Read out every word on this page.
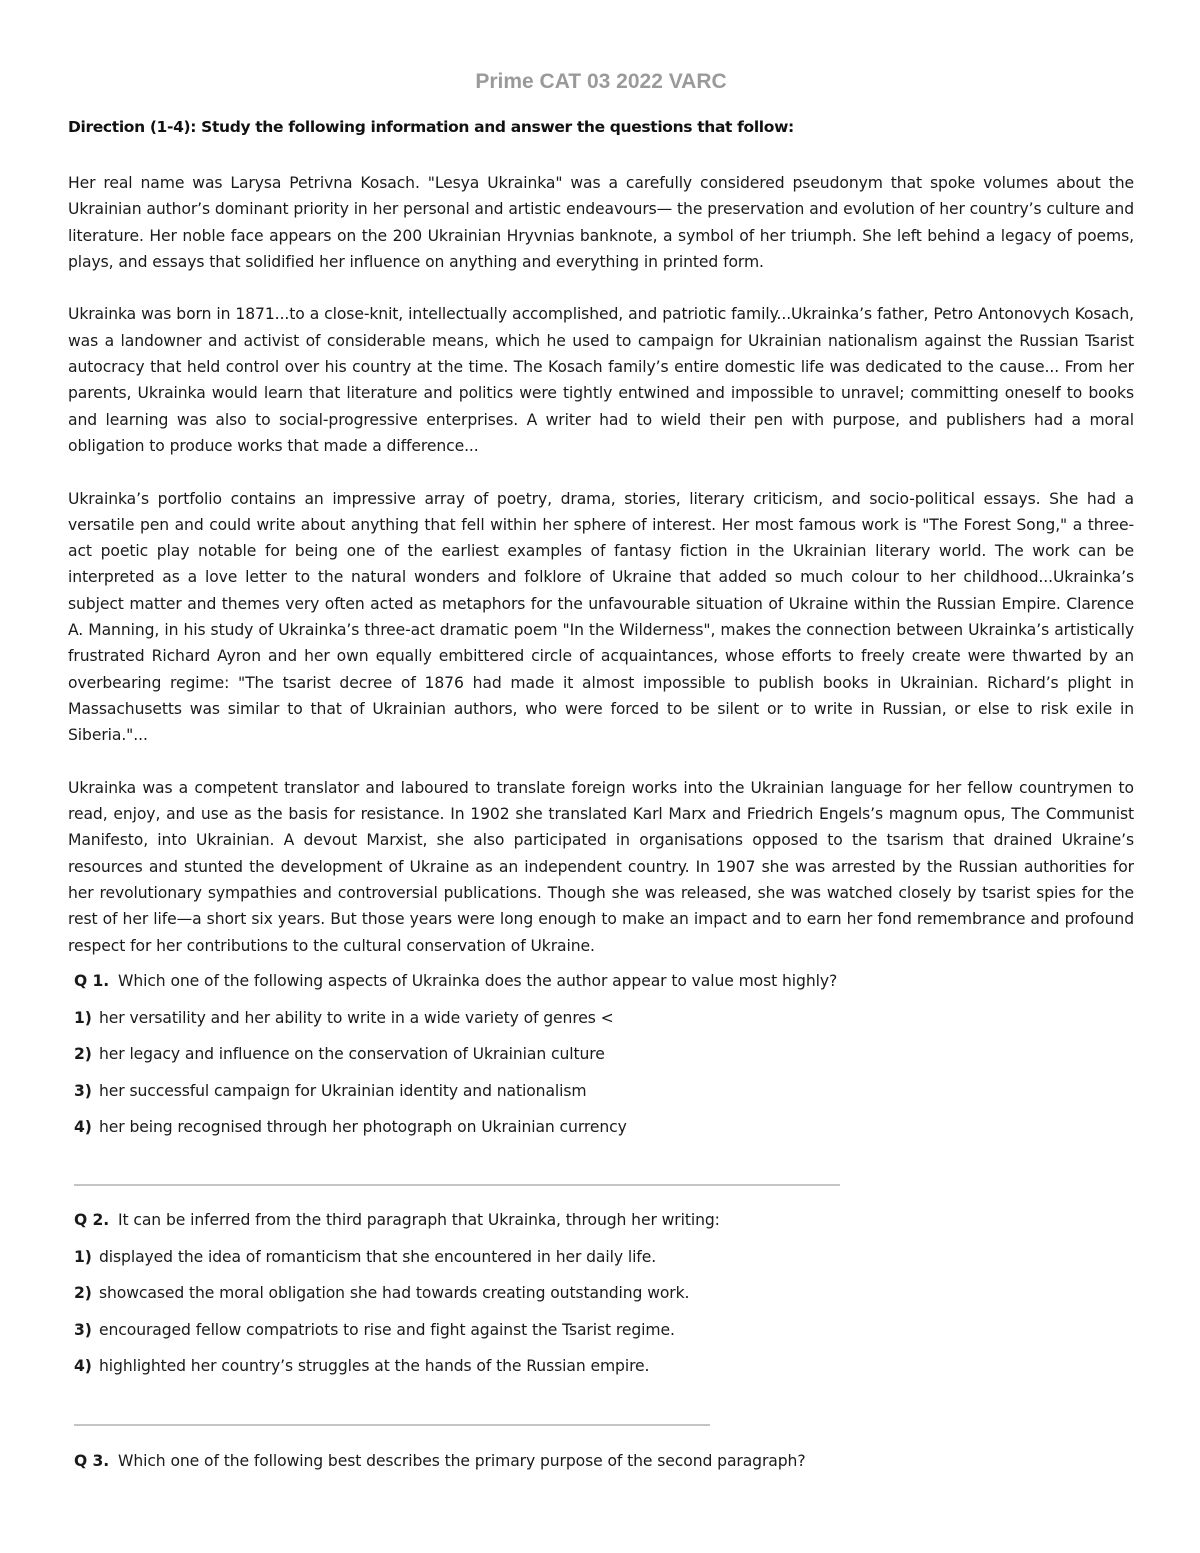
Prime CAT 03 2022 VARC
Direction (1-4): Study the following information and answer the questions that follow:

Her real name was Larysa Petrivna Kosach. "Lesya Ukrainka" was a carefully considered pseudonym that spoke volumes about the Ukrainian author’s dominant priority in her personal and artistic endeavours— the preservation and evolution of her country’s culture and literature. Her noble face appears on the 200 Ukrainian Hryvnias banknote, a symbol of her triumph. She left behind a legacy of poems, plays, and essays that solidified her influence on anything and everything in printed form.

Ukrainka was born in 1871...to a close-knit, intellectually accomplished, and patriotic family...Ukrainka’s father, Petro Antonovych Kosach, was a landowner and activist of considerable means, which he used to campaign for Ukrainian nationalism against the Russian Tsarist autocracy that held control over his country at the time. The Kosach family’s entire domestic life was dedicated to the cause... From her parents, Ukrainka would learn that literature and politics were tightly entwined and impossible to unravel; committing oneself to books and learning was also to social-progressive enterprises. A writer had to wield their pen with purpose, and publishers had a moral obligation to produce works that made a difference...

Ukrainka’s portfolio contains an impressive array of poetry, drama, stories, literary criticism, and socio-political essays. She had a versatile pen and could write about anything that fell within her sphere of interest. Her most famous work is "The Forest Song," a three-act poetic play notable for being one of the earliest examples of fantasy fiction in the Ukrainian literary world. The work can be interpreted as a love letter to the natural wonders and folklore of Ukraine that added so much colour to her childhood...Ukrainka’s subject matter and themes very often acted as metaphors for the unfavourable situation of Ukraine within the Russian Empire. Clarence A. Manning, in his study of Ukrainka’s three-act dramatic poem "In the Wilderness", makes the connection between Ukrainka’s artistically frustrated Richard Ayron and her own equally embittered circle of acquaintances, whose efforts to freely create were thwarted by an overbearing regime: "The tsarist decree of 1876 had made it almost impossible to publish books in Ukrainian. Richard’s plight in Massachusetts was similar to that of Ukrainian authors, who were forced to be silent or to write in Russian, or else to risk exile in Siberia."...

Ukrainka was a competent translator and laboured to translate foreign works into the Ukrainian language for her fellow countrymen to read, enjoy, and use as the basis for resistance. In 1902 she translated Karl Marx and Friedrich Engels’s magnum opus, The Communist Manifesto, into Ukrainian. A devout Marxist, she also participated in organisations opposed to the tsarism that drained Ukraine’s resources and stunted the development of Ukraine as an independent country. In 1907 she was arrested by the Russian authorities for her revolutionary sympathies and controversial publications. Though she was released, she was watched closely by tsarist spies for the rest of her life—a short six years. But those years were long enough to make an impact and to earn her fond remembrance and profound respect for her contributions to the cultural conservation of Ukraine.

Q 1. Which one of the following aspects of Ukrainka does the author appear to value most highly?
1) her versatility and her ability to write in a wide variety of genres <
2) her legacy and influence on the conservation of Ukrainian culture
3) her successful campaign for Ukrainian identity and nationalism
4) her being recognised through her photograph on Ukrainian currency
Q 2. It can be inferred from the third paragraph that Ukrainka, through her writing:
1) displayed the idea of romanticism that she encountered in her daily life.
2) showcased the moral obligation she had towards creating outstanding work.
3) encouraged fellow compatriots to rise and fight against the Tsarist regime.
4) highlighted her country’s struggles at the hands of the Russian empire.
Q 3. Which one of the following best describes the primary purpose of the second paragraph?
